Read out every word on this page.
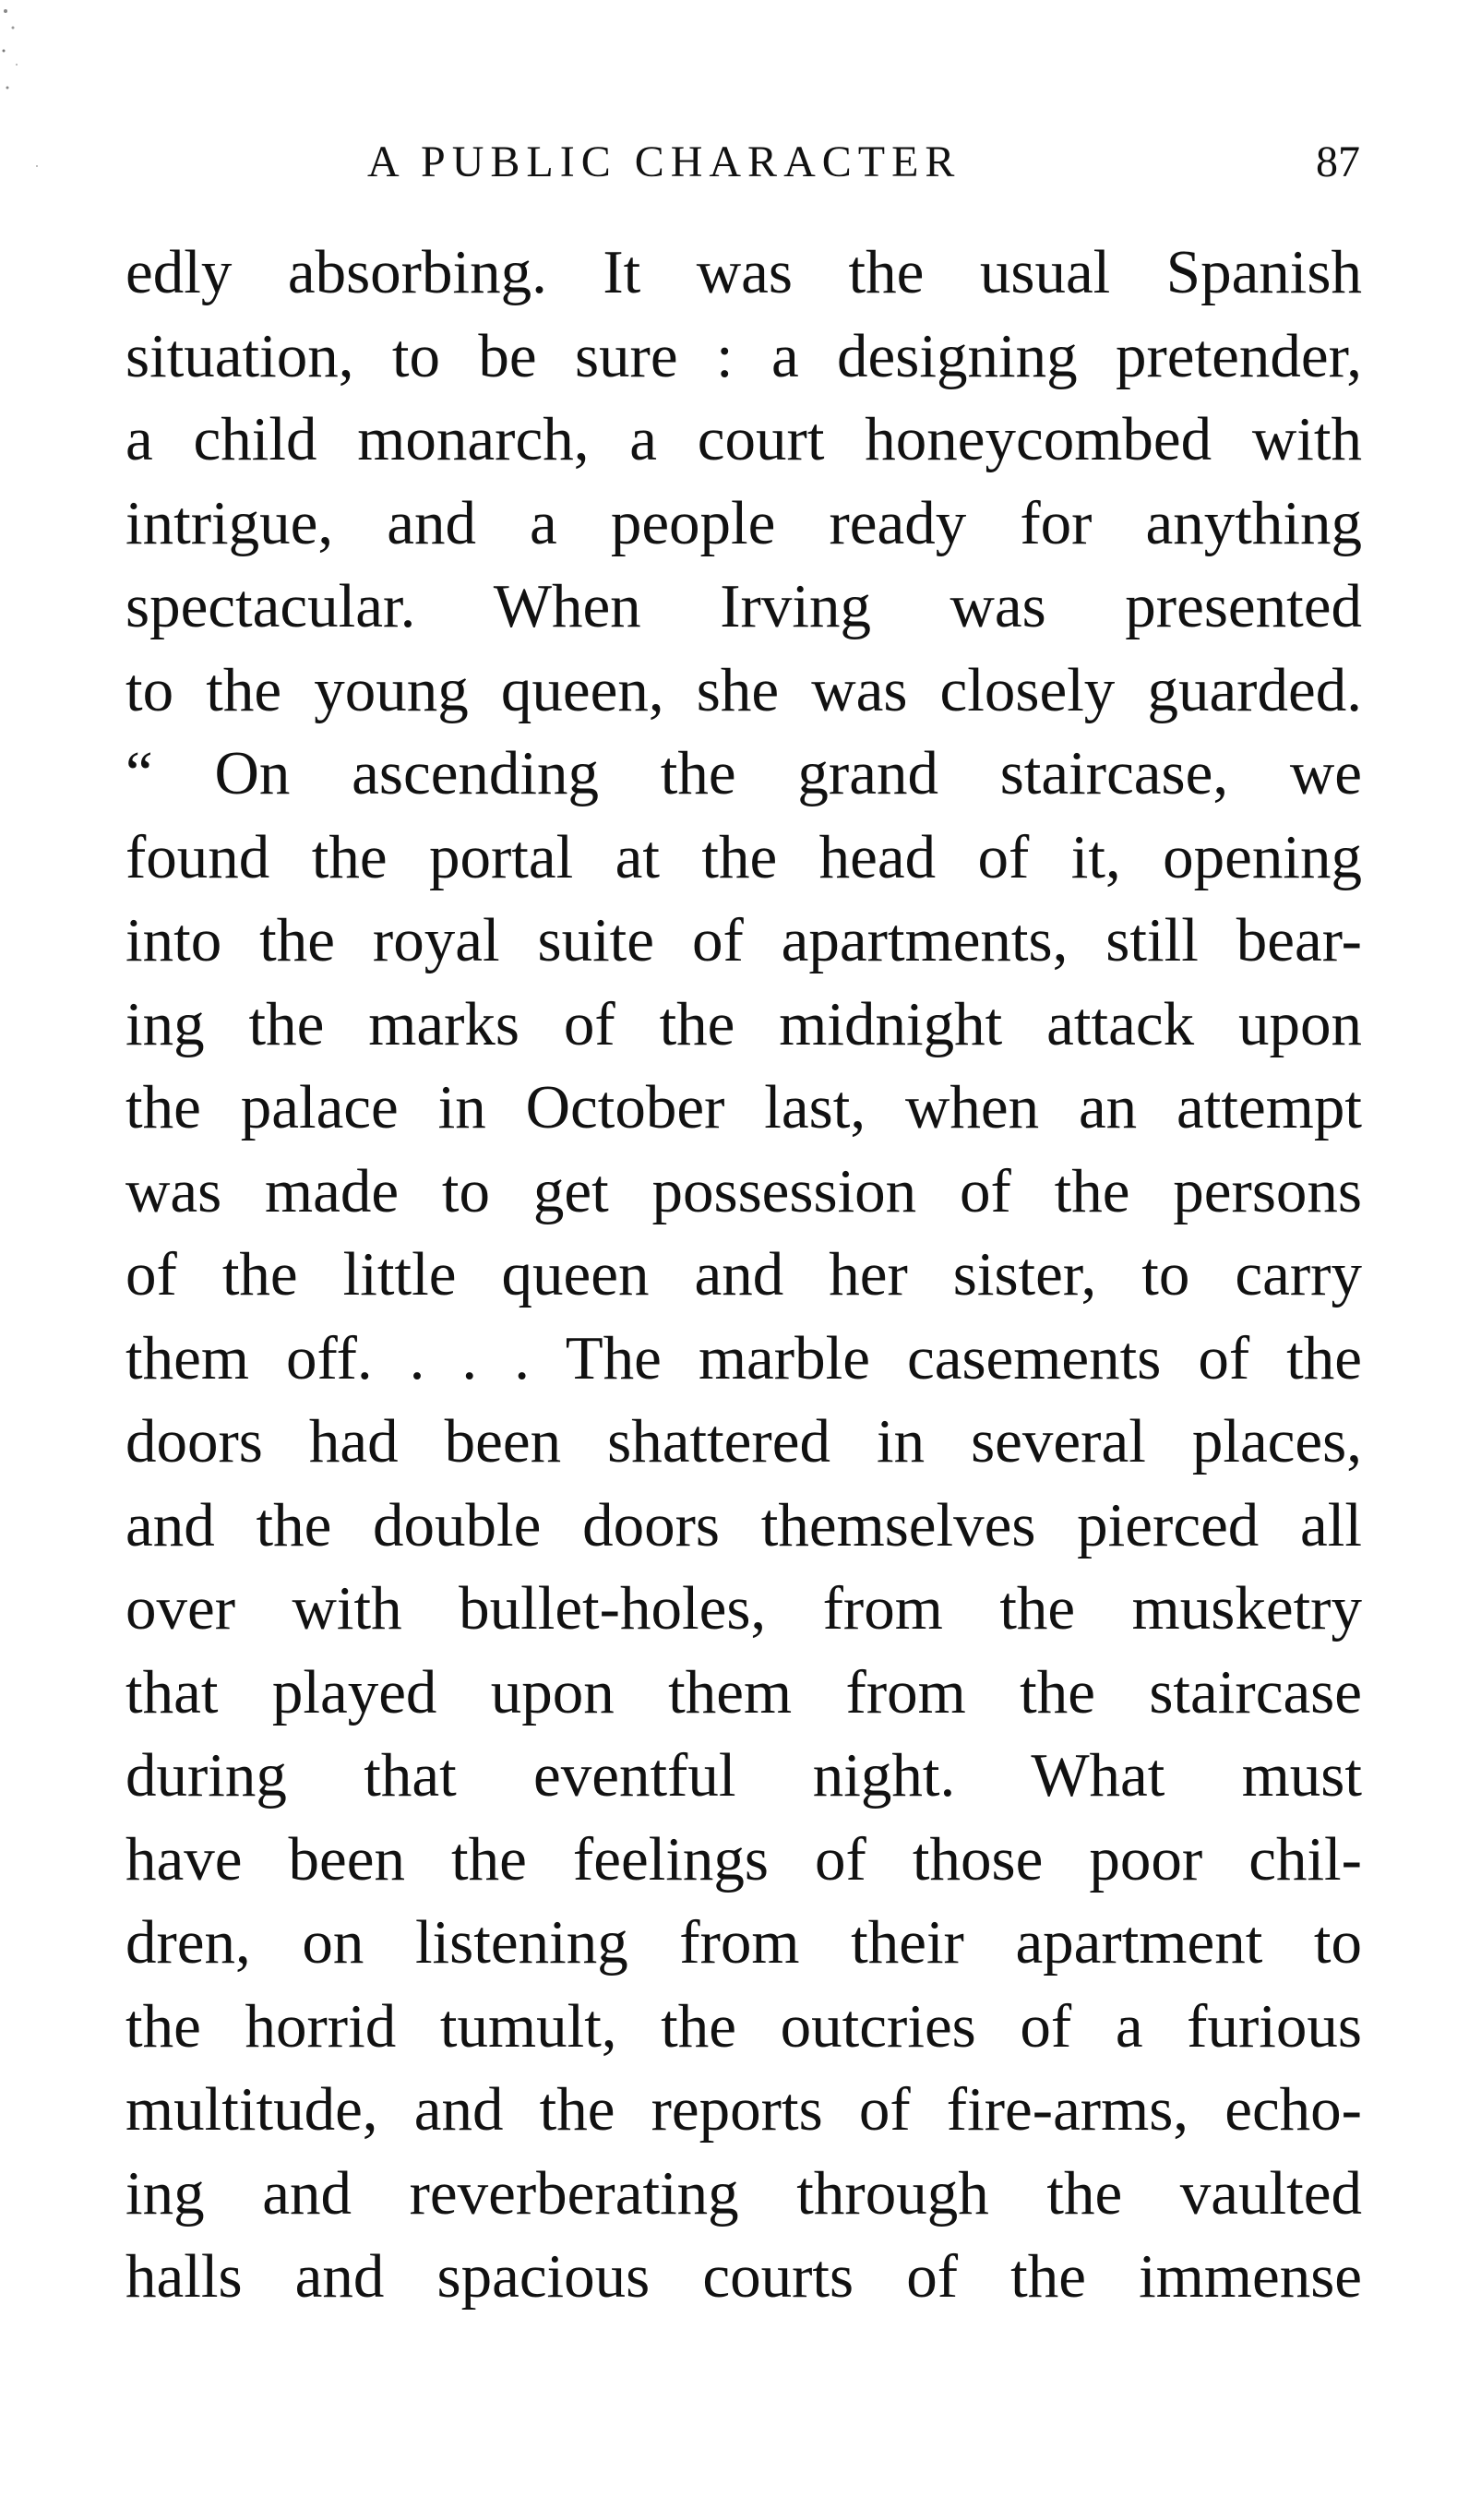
A PUBLIC CHARACTER	87
edly absorbing. It was the usual Spanish
situation, to be sure : a designing pretender,
a child monarch, a court honeycombed with
intrigue, and a people ready for anything
spectacular. When Irving was presented
to the young queen, she was closely guarded.
“ On ascending the grand staircase, we
found the portal at the head of it, opening
into the royal suite of apartments, still bear-
ing the marks of the midnight attack upon
the palace in October last, when an attempt
was made to get possession of the persons
of the little queen and her sister, to carry
them off. . . . The marble casements of the
doors had been shattered in several places,
and the double doors themselves pierced all
over with bullet-holes, from the musketry
that played upon them from the staircase
during that eventful night. What must
have been the feelings of those poor chil-
dren, on listening from their apartment to
the horrid tumult, the outcries of a furious
multitude, and the reports of fire-arms, echo-
ing and reverberating through the vaulted
halls and spacious courts of the immense
